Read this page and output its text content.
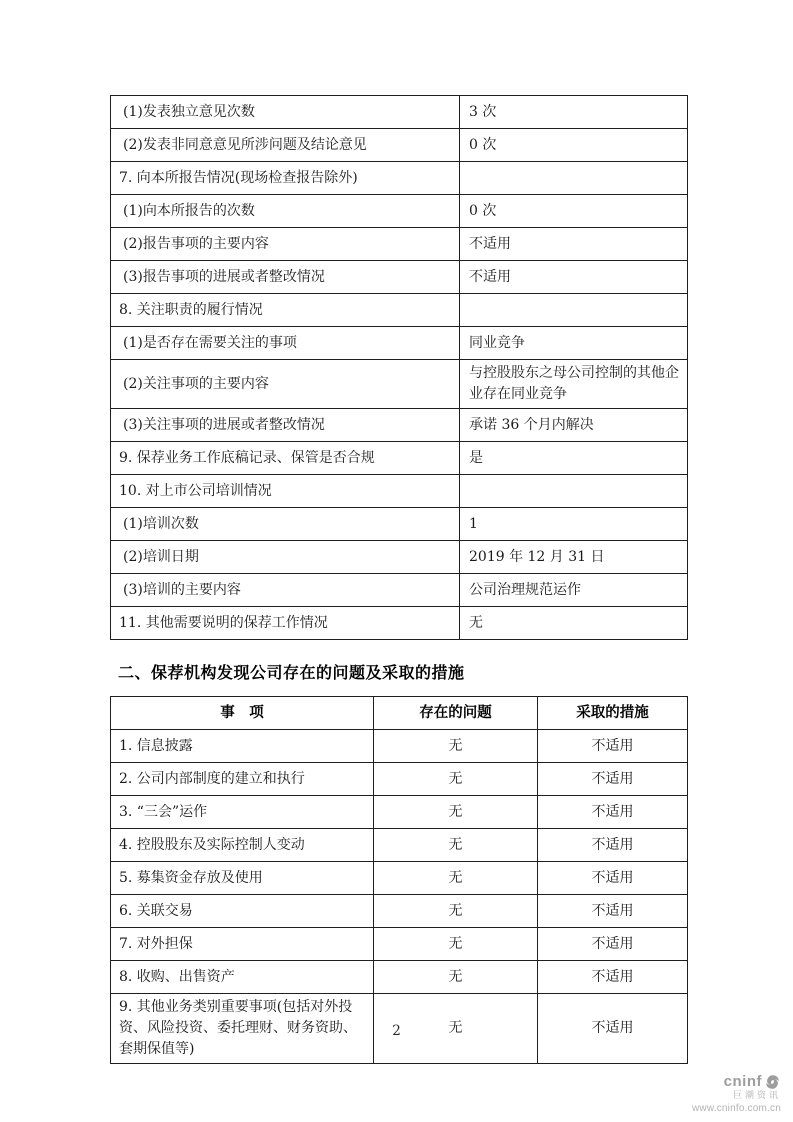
(1)发表独立意见次数	3 次
(2)发表非同意意见所涉问题及结论意见	0 次
7. 向本所报告情况(现场检查报告除外)	
(1)向本所报告的次数	0 次
(2)报告事项的主要内容	不适用
(3)报告事项的进展或者整改情况	不适用
8. 关注职责的履行情况	
(1)是否存在需要关注的事项	同业竞争
(2)关注事项的主要内容	与控股股东之母公司控制的其他企业存在同业竞争
(3)关注事项的进展或者整改情况	承诺 36 个月内解决
9. 保荐业务工作底稿记录、保管是否合规	是
10. 对上市公司培训情况	
(1)培训次数	1
(2)培训日期	2019 年 12 月 31 日
(3)培训的主要内容	公司治理规范运作
11. 其他需要说明的保荐工作情况	无
二、保荐机构发现公司存在的问题及采取的措施
事　项	存在的问题	采取的措施
1. 信息披露	无	不适用
2. 公司内部制度的建立和执行	无	不适用
3. “三会”运作	无	不适用
4. 控股股东及实际控制人变动	无	不适用
5. 募集资金存放及使用	无	不适用
6. 关联交易	无	不适用
7. 对外担保	无	不适用
8. 收购、出售资产	无	不适用
9. 其他业务类别重要事项(包括对外投资、风险投资、委托理财、财务资助、套期保值等)	无	不适用
2
cninf
巨潮资讯
www.cninfo.com.cn
